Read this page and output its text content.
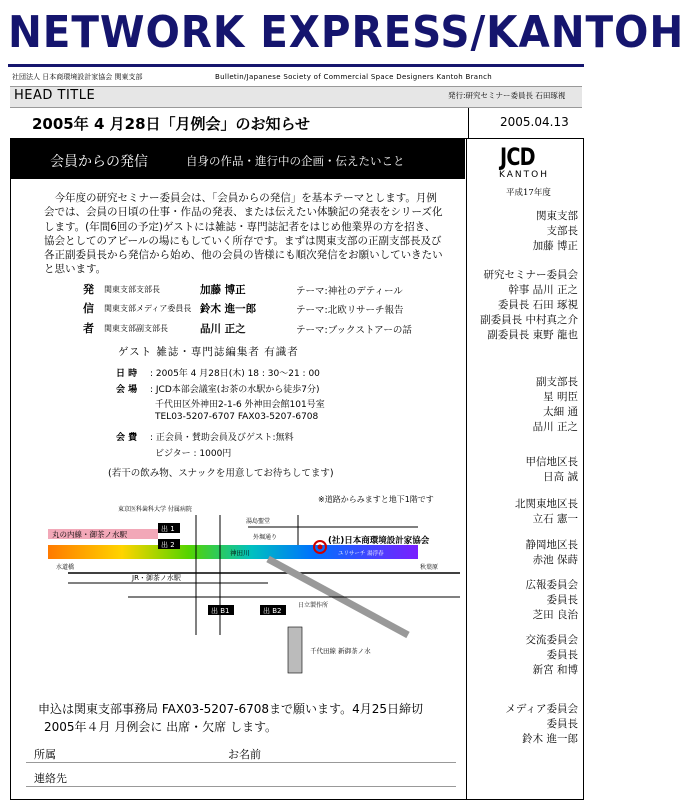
NETWORK EXPRESS/KANTOH
社団法人 日本商環境設計家協会 関東支部	Bulletin/Japanese Society of Commercial Space Designers Kantoh Branch
HEAD TITLE	発行:研究セミナー委員長 石田琢視
2005年 4 月28日「月例会」のお知らせ	2005.04.13
会員からの発信	自身の作品・進行中の企画・伝えたいこと

今年度の研究セミナー委員会は、「会員からの発信」を基本テーマとします。月例会では、会員の日頃の仕事・作品の発表、または伝えたい体験記の発表をシリーズ化します。(年間6回の予定)ゲストには雑誌・専門誌記者をはじめ他業界の方を招き、協会としてのアピールの場にもしていく所存です。まずは関東支部の正副支部長及び各正副委員長から発信から始め、他の会員の皆様にも順次発信をお願いしていきたいと思います。

発 関東支部支部長	加藤 博正	テーマ:神社のデティール
信 関東支部メディア委員長 鈴木 進一郎	テーマ:北欧リサーチ報告
者 関東支部副支部長	品川 正之	テーマ:ブックストアーの話
ゲスト 雑誌・専門誌編集者 有識者
日 時 : 2005年 4 月28日(木) 18 : 30～21 : 00
会 場 : JCD本部会議室(お茶の水駅から徒歩7分)
千代田区外神田2-1-6 外神田会館101号室
TEL03-5207-6707 FAX03-5207-6708
会 費 : 正会員・賛助会員及びゲスト:無料
ビジター : 1000円
(若干の飲み物、スナックを用意してお待ちしてます)
※道路からみますと地下1階です
丸の内線・御茶ノ水駅
出 1
出 2
出 B1	出 B2
JR・御茶ノ水駅
神田川
(社)日本商環境設計家協会
東京医科歯科大学 付属病院
湯島聖堂
外堀通り
水道橋	秋葉原
日立製作所
千代田線 新御茶ノ水
ユリサーチ 湯浮春
申込は関東支部事務局 FAX03-5207-6708まで願います。4月25日締切
2005年４月 月例会に 出席・欠席 します。
所属	お名前
連絡先
JCD
KANTOH
平成17年度
関東支部
支部長
加藤 博正
研究セミナー委員会
幹事 品川 正之
委員長 石田 琢視
副委員長 中村真之介
副委員長 東野 龍也
副支部長
星 明臣
太細 通
品川 正之
甲信地区長
日高 誠
北関東地区長
立石 憲一
静岡地区長
赤池 保蒔
広報委員会
委員長
芝田 良治
交流委員会
委員長
新宮 和博
メディア委員会
委員長
鈴木 進一郎
